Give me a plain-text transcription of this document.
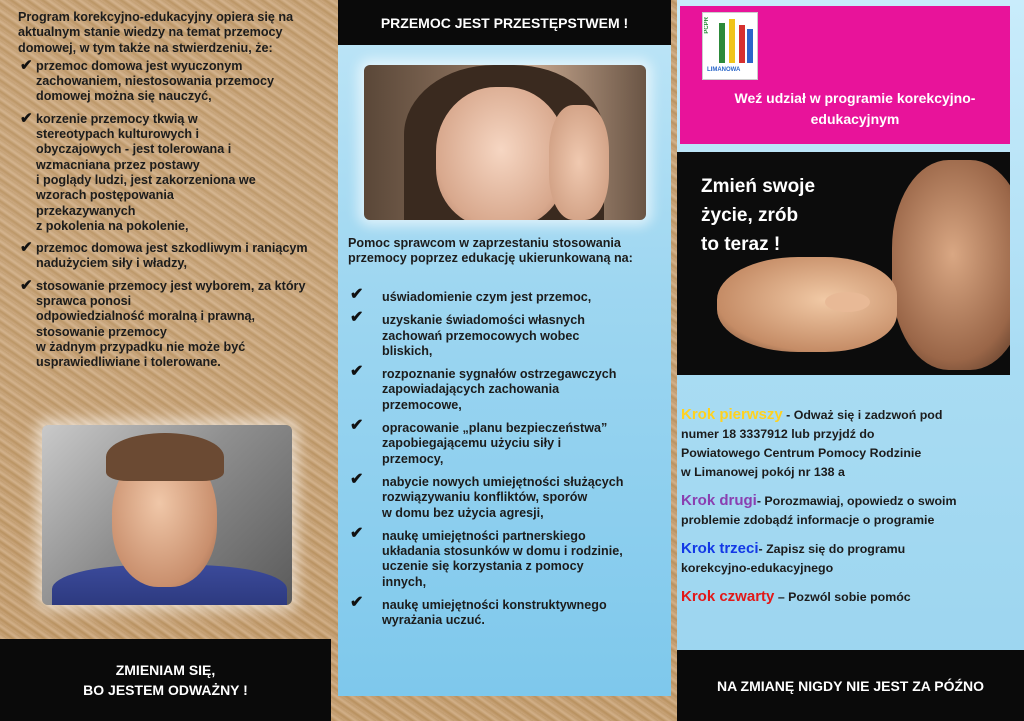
Program korekcyjno-edukacyjny opiera się na aktualnym stanie wiedzy na temat przemocy domowej, w tym także na stwierdzeniu, że:

✔ przemoc domowa jest wyuczonym zachowaniem, niestosowania przemocy domowej można się nauczyć,
✔ korzenie przemocy tkwią w
stereotypach kulturowych i
obyczajowych - jest tolerowana i
wzmacniana przez postawy
i poglądy ludzi, jest zakorzeniona we
wzorach postępowania
przekazywanych
z pokolenia na pokolenie,
✔ przemoc domowa jest szkodliwym i raniącym nadużyciem siły i władzy,
✔ stosowanie przemocy jest wyborem, za który sprawca ponosi
odpowiedzialność moralną i prawną,
stosowanie przemocy
w żadnym przypadku nie może być
usprawiedliwiane i tolerowane.
ZMIENIAM SIĘ,
BO JESTEM ODWAŻNY !
PRZEMOC JEST PRZESTĘPSTWEM !

Pomoc sprawcom w zaprzestaniu stosowania przemocy poprzez edukację ukierunkowaną na:

✔ uświadomienie czym jest przemoc,
✔ uzyskanie świadomości własnych
zachowań przemocowych wobec
bliskich,
✔ rozpoznanie sygnałów ostrzegawczych
zapowiadających zachowania
przemocowe,
✔ opracowanie „planu bezpieczeństwa”
zapobiegającemu użyciu siły i
przemocy,
✔ nabycie nowych umiejętności służących
rozwiązywaniu konfliktów, sporów
w domu bez użycia agresji,
✔ naukę umiejętności partnerskiego
układania stosunków w domu i rodzinie,
uczenie się korzystania z pomocy
innych,
✔ naukę umiejętności konstruktywnego
wyrażania uczuć.
PCPR
LIMANOWA
Weź udział w programie korekcyjno-edukacyjnym
Zmień swoje
życie, zrób
to teraz !
Krok pierwszy - Odważ się i zadzwoń pod
numer 18 3337912 lub przyjdź do
Powiatowego Centrum Pomocy Rodzinie
w Limanowej pokój nr 138 a
Krok drugi- Porozmawiaj, opowiedz o swoim
problemie zdobądź informacje o programie
Krok trzeci- Zapisz się do programu
korekcyjno-edukacyjnego
Krok czwarty – Pozwól sobie pomóc
NA ZMIANĘ NIGDY NIE JEST ZA PÓŹNO
